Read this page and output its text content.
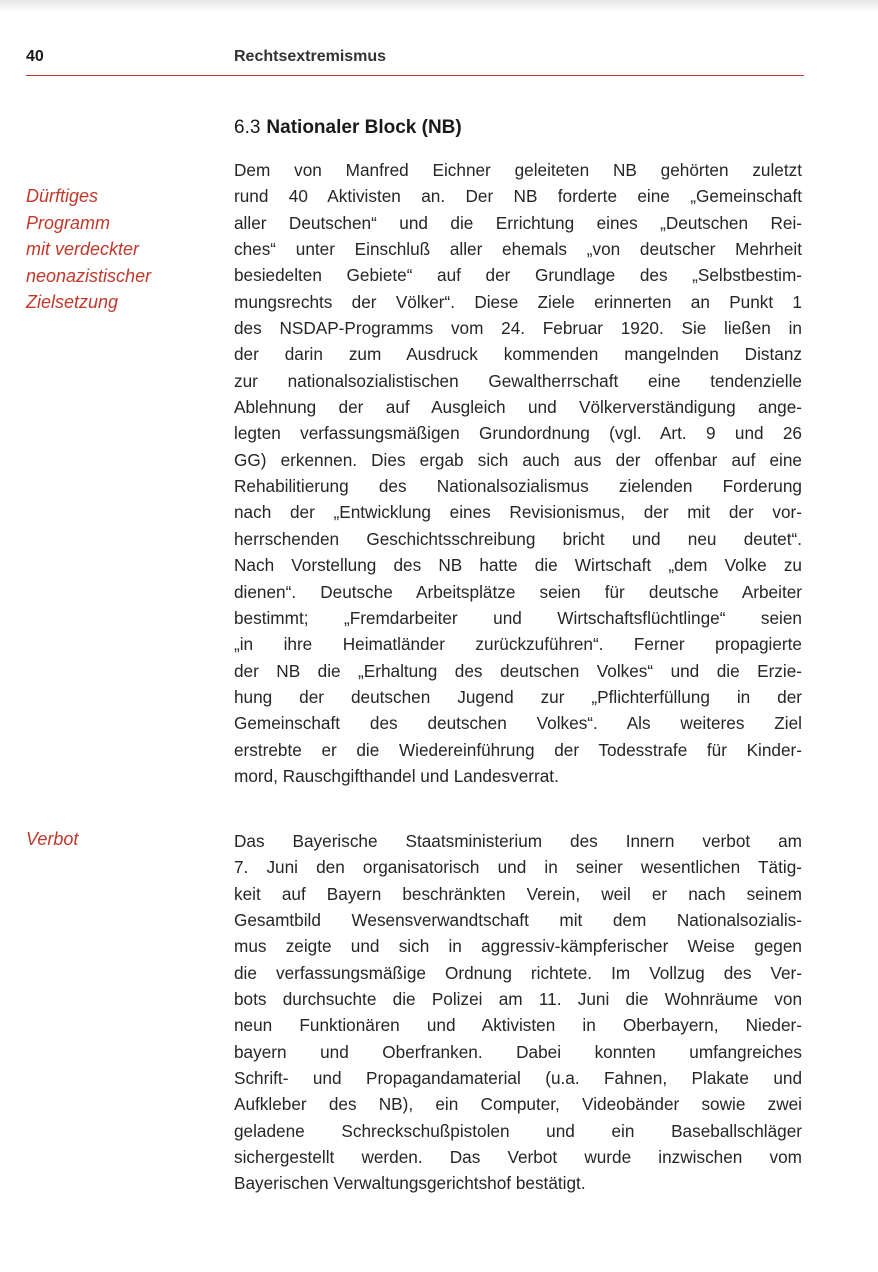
40	Rechtsextremismus
6.3 Nationaler Block (NB)
Dürftiges
Programm
mit verdeckter
neonazistischer
Zielsetzung
Verbot
Dem von Manfred Eichner geleiteten NB gehörten zuletzt
rund 40 Aktivisten an. Der NB forderte eine „Gemeinschaft
aller Deutschen“ und die Errichtung eines „Deutschen Rei-
ches“ unter Einschluß aller ehemals „von deutscher Mehrheit
besiedelten Gebiete“ auf der Grundlage des „Selbstbestim-
mungsrechts der Völker“. Diese Ziele erinnerten an Punkt 1
des NSDAP-Programms vom 24. Februar 1920. Sie ließen in
der darin zum Ausdruck kommenden mangelnden Distanz
zur nationalsozialistischen Gewaltherrschaft eine tendenzielle
Ablehnung der auf Ausgleich und Völkerverständigung ange-
legten verfassungsmäßigen Grundordnung (vgl. Art. 9 und 26
GG) erkennen. Dies ergab sich auch aus der offenbar auf eine
Rehabilitierung des Nationalsozialismus zielenden Forderung
nach der „Entwicklung eines Revisionismus, der mit der vor-
herrschenden Geschichtsschreibung bricht und neu deutet“.
Nach Vorstellung des NB hatte die Wirtschaft „dem Volke zu
dienen“. Deutsche Arbeitsplätze seien für deutsche Arbeiter
bestimmt; „Fremdarbeiter und Wirtschaftsflüchtlinge“ seien
„in ihre Heimatländer zurückzuführen“. Ferner propagierte
der NB die „Erhaltung des deutschen Volkes“ und die Erzie-
hung der deutschen Jugend zur „Pflichterfüllung in der
Gemeinschaft des deutschen Volkes“. Als weiteres Ziel
erstrebte er die Wiedereinführung der Todesstrafe für Kinder-
mord, Rauschgifthandel und Landesverrat.
Das Bayerische Staatsministerium des Innern verbot am
7. Juni den organisatorisch und in seiner wesentlichen Tätig-
keit auf Bayern beschränkten Verein, weil er nach seinem
Gesamtbild Wesensverwandtschaft mit dem Nationalsozialis-
mus zeigte und sich in aggressiv-kämpferischer Weise gegen
die verfassungsmäßige Ordnung richtete. Im Vollzug des Ver-
bots durchsuchte die Polizei am 11. Juni die Wohnräume von
neun Funktionären und Aktivisten in Oberbayern, Nieder-
bayern und Oberfranken. Dabei konnten umfangreiches
Schrift- und Propagandamaterial (u.a. Fahnen, Plakate und
Aufkleber des NB), ein Computer, Videobänder sowie zwei
geladene Schreckschußpistolen und ein Baseballschläger
sichergestellt werden. Das Verbot wurde inzwischen vom
Bayerischen Verwaltungsgerichtshof bestätigt.
